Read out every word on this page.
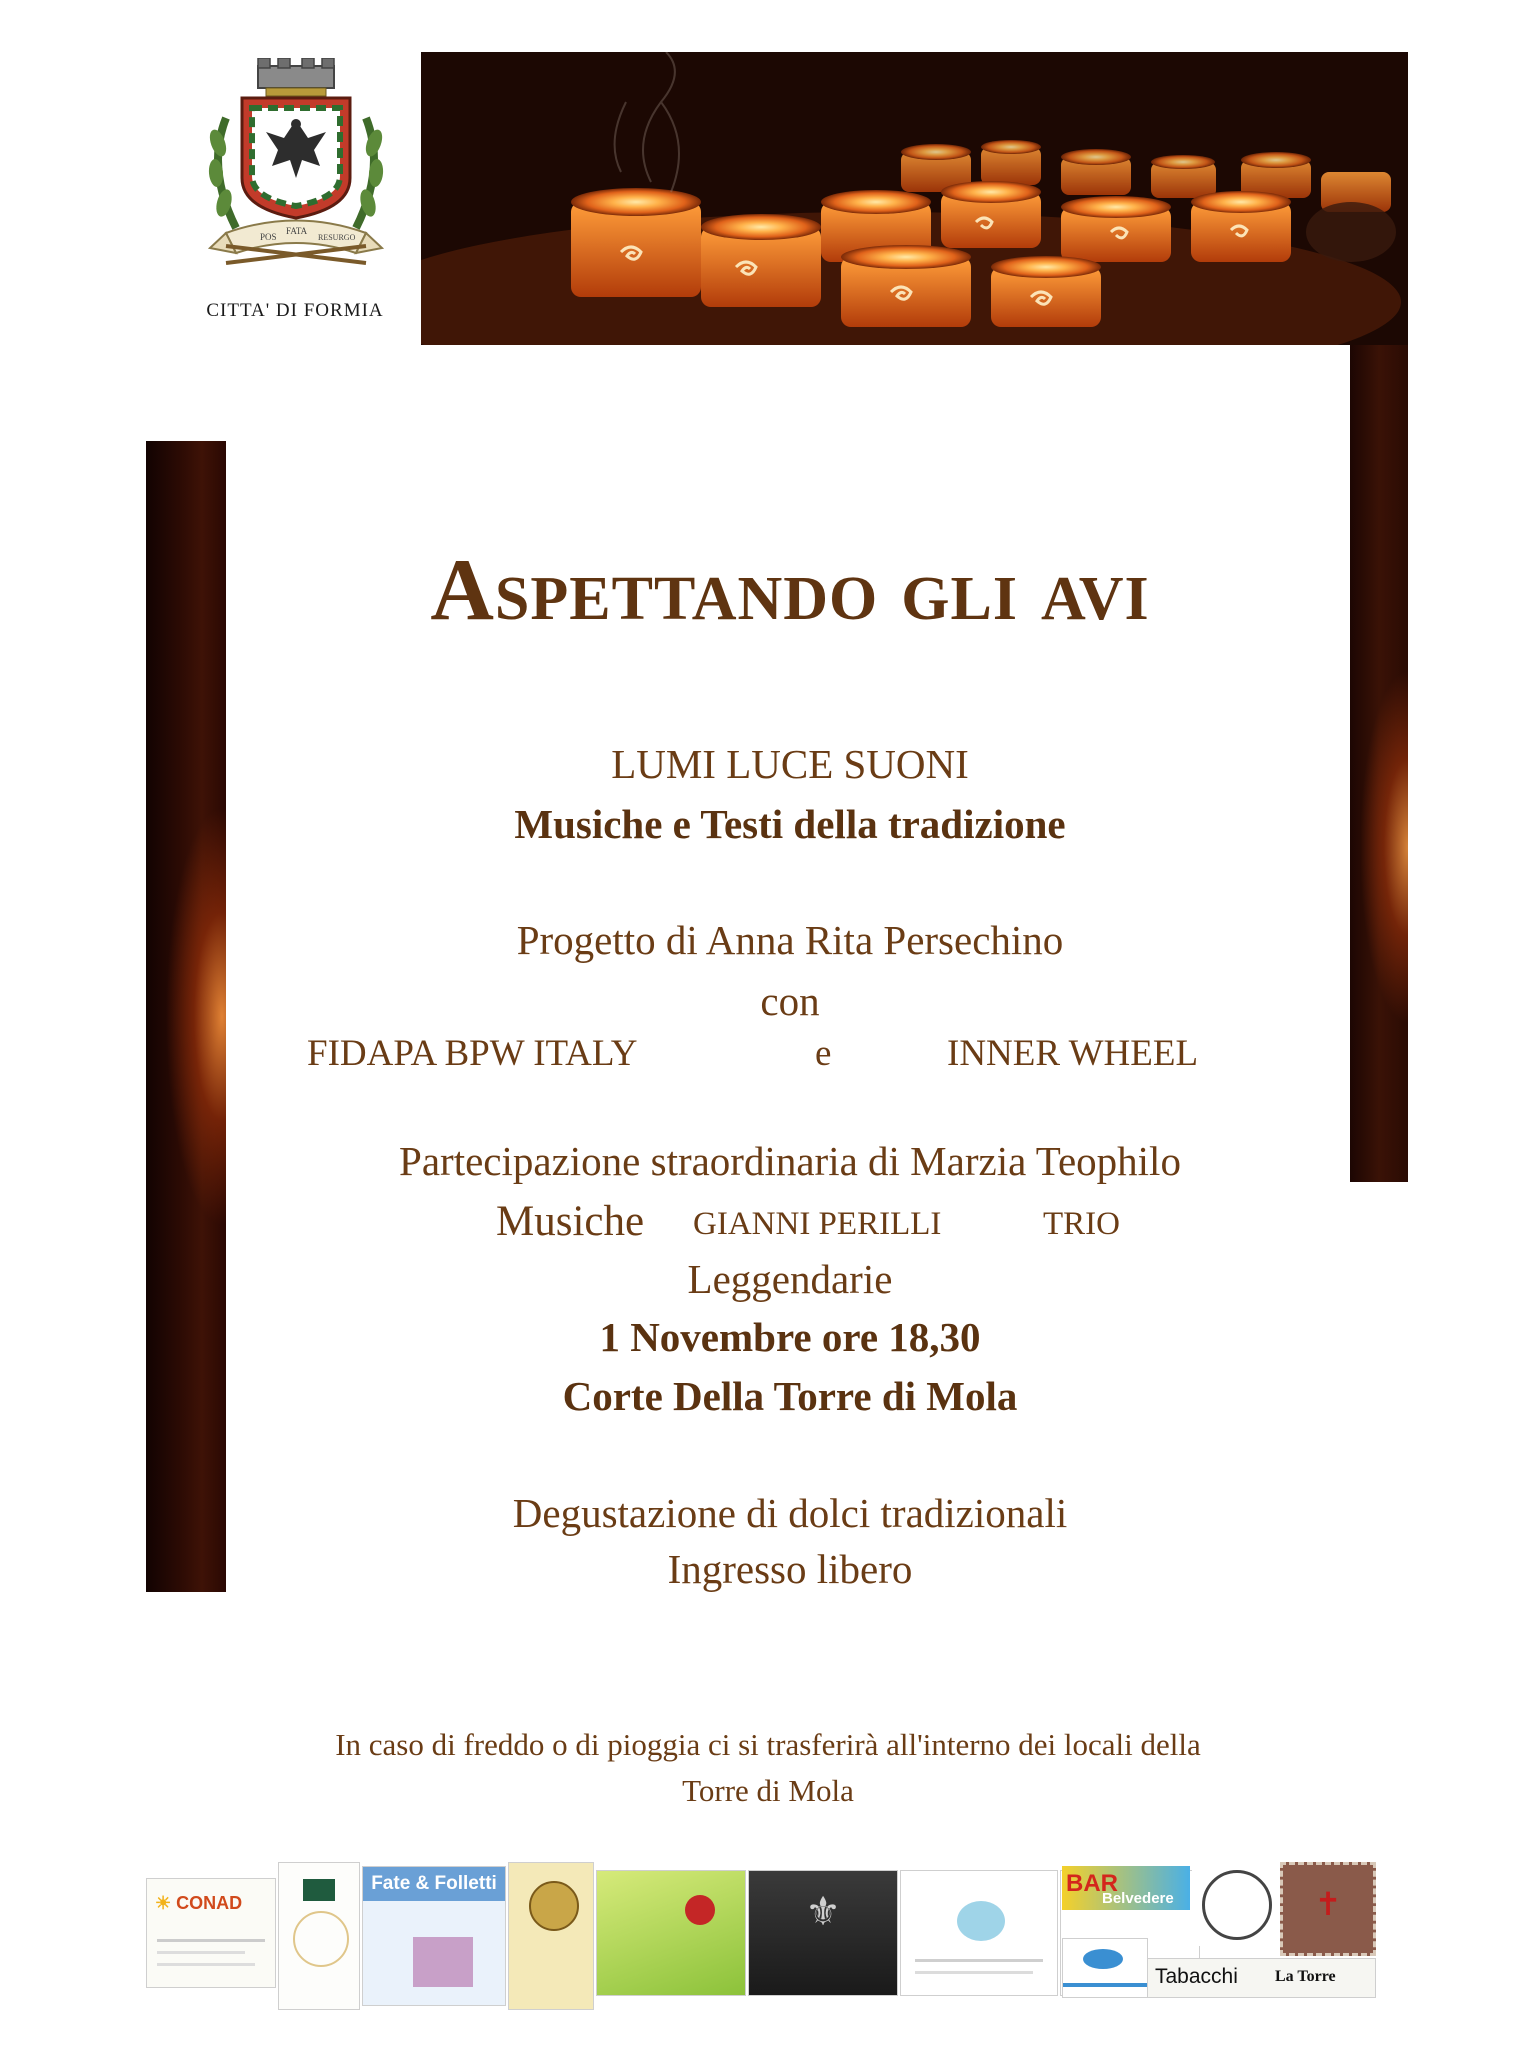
POS
FATA
RESURGO
CITTA' DI FORMIA
Aspettando gli avi
LUMI LUCE SUONI
Musiche e Testi della tradizione
Progetto di Anna Rita Persechino
con
FIDAPA BPW ITALY	e	INNER WHEEL
Partecipazione straordinaria di Marzia Teophilo
Musiche GIANNI PERILLI	TRIO
Leggendarie
1 Novembre ore 18,30
Corte Della Torre di Mola
Degustazione di dolci tradizionali
Ingresso libero
In caso di freddo o di pioggia ci si trasferirà all'interno dei locali della
Torre di Mola
☀ CONAD
Fate & Folletti
⚜
BAR
Belvedere	✝
Tabacchi	La Torre
